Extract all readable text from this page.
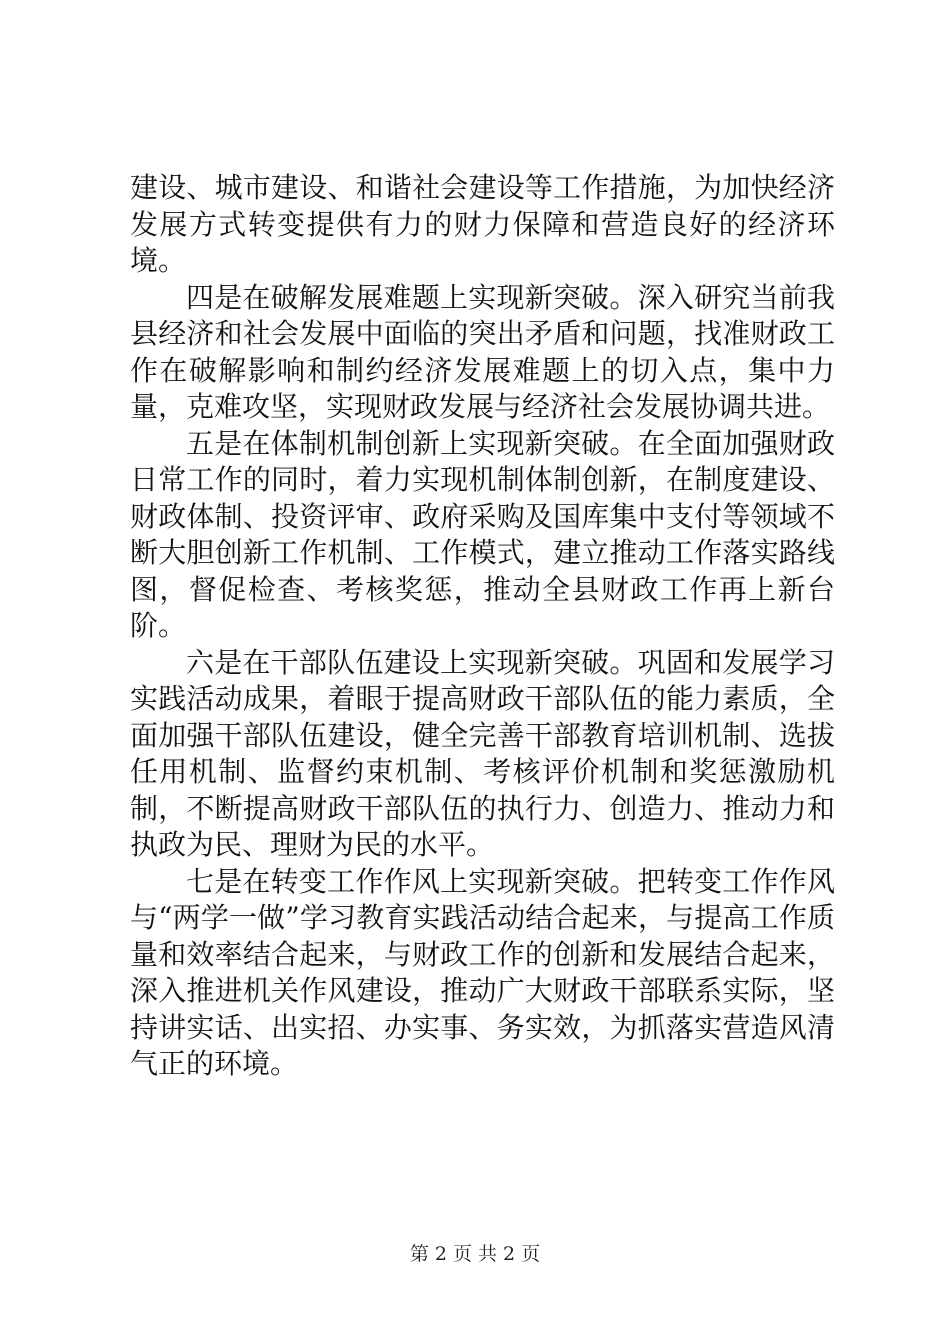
建设、城市建设、和谐社会建设等工作措施，为加快经济发展方式转变提供有力的财力保障和营造良好的经济环境。

四是在破解发展难题上实现新突破。深入研究当前我县经济和社会发展中面临的突出矛盾和问题，找准财政工作在破解影响和制约经济发展难题上的切入点，集中力量，克难攻坚，实现财政发展与经济社会发展协调共进。

五是在体制机制创新上实现新突破。在全面加强财政日常工作的同时，着力实现机制体制创新，在制度建设、财政体制、投资评审、政府采购及国库集中支付等领域不断大胆创新工作机制、工作模式，建立推动工作落实路线图，督促检查、考核奖惩，推动全县财政工作再上新台阶。

六是在干部队伍建设上实现新突破。巩固和发展学习实践活动成果，着眼于提高财政干部队伍的能力素质，全面加强干部队伍建设，健全完善干部教育培训机制、选拔任用机制、监督约束机制、考核评价机制和奖惩激励机制，不断提高财政干部队伍的执行力、创造力、推动力和执政为民、理财为民的水平。

七是在转变工作作风上实现新突破。把转变工作作风与“两学一做”学习教育实践活动结合起来，与提高工作质量和效率结合起来，与财政工作的创新和发展结合起来，深入推进机关作风建设，推动广大财政干部联系实际，坚持讲实话、出实招、办实事、务实效，为抓落实营造风清气正的环境。

第 2 页 共 2 页
